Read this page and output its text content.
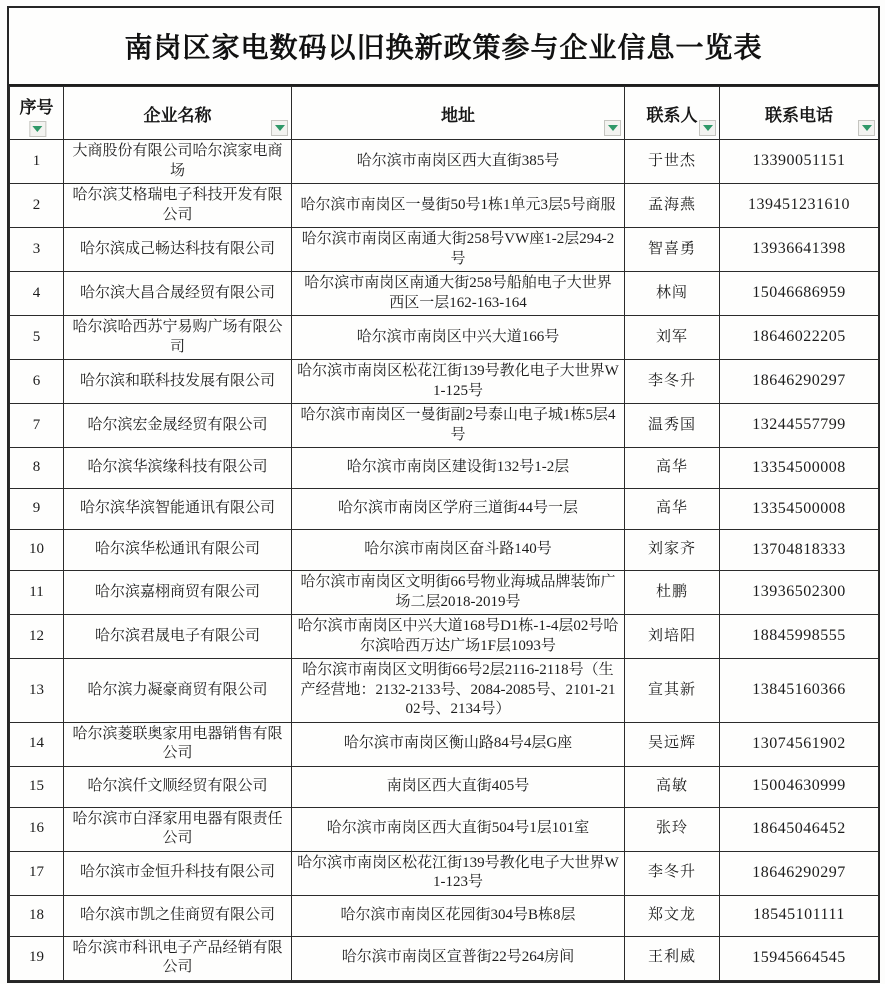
南岗区家电数码以旧换新政策参与企业信息一览表
序号	企业名称	地址	联系人	联系电话

1	大商股份有限公司哈尔滨家电商场	哈尔滨市南岗区西大直街385号	于世杰	13390051151
2	哈尔滨艾格瑞电子科技开发有限公司	哈尔滨市南岗区一曼街50号1栋1单元3层5号商服	孟海燕	139451231610
3	哈尔滨成己畅达科技有限公司	哈尔滨市南岗区南通大街258号VW座1-2层294-2号	智喜勇	13936641398
4	哈尔滨大昌合晟经贸有限公司	哈尔滨市南岗区南通大街258号船舶电子大世界西区一层162-163-164	林闯	15046686959
5	哈尔滨哈西苏宁易购广场有限公司	哈尔滨市南岗区中兴大道166号	刘军	18646022205
6	哈尔滨和联科技发展有限公司	哈尔滨市南岗区松花江街139号教化电子大世界W1-125号	李冬升	18646290297
7	哈尔滨宏金晟经贸有限公司	哈尔滨市南岗区一曼街副2号泰山电子城1栋5层4号	温秀国	13244557799
8	哈尔滨华滨缘科技有限公司	哈尔滨市南岗区建设街132号1-2层	高华	13354500008
9	哈尔滨华滨智能通讯有限公司	哈尔滨市南岗区学府三道街44号一层	高华	13354500008
10	哈尔滨华松通讯有限公司	哈尔滨市南岗区奋斗路140号	刘家齐	13704818333
11	哈尔滨嘉栩商贸有限公司	哈尔滨市南岗区文明街66号物业海城品牌装饰广场二层2018-2019号	杜鹏	13936502300
12	哈尔滨君晟电子有限公司	哈尔滨市南岗区中兴大道168号D1栋-1-4层02号哈尔滨哈西万达广场1F层1093号	刘培阳	18845998555
13	哈尔滨力凝豪商贸有限公司	哈尔滨市南岗区文明街66号2层2116-2118号（生产经营地：2132-2133号、2084-2085号、2101-2102号、2134号）	宣其新	13845160366
14	哈尔滨菱联奥家用电器销售有限公司	哈尔滨市南岗区衡山路84号4层G座	吴远辉	13074561902
15	哈尔滨仟文顺经贸有限公司	南岗区西大直街405号	高敏	15004630999
16	哈尔滨市白泽家用电器有限责任公司	哈尔滨市南岗区西大直街504号1层101室	张玲	18645046452
17	哈尔滨市金恒升科技有限公司	哈尔滨市南岗区松花江街139号教化电子大世界W1-123号	李冬升	18646290297
18	哈尔滨市凯之佳商贸有限公司	哈尔滨市南岗区花园街304号B栋8层	郑文龙	18545101111
19	哈尔滨市科讯电子产品经销有限公司	哈尔滨市南岗区宣普街22号264房间	王利威	15945664545
